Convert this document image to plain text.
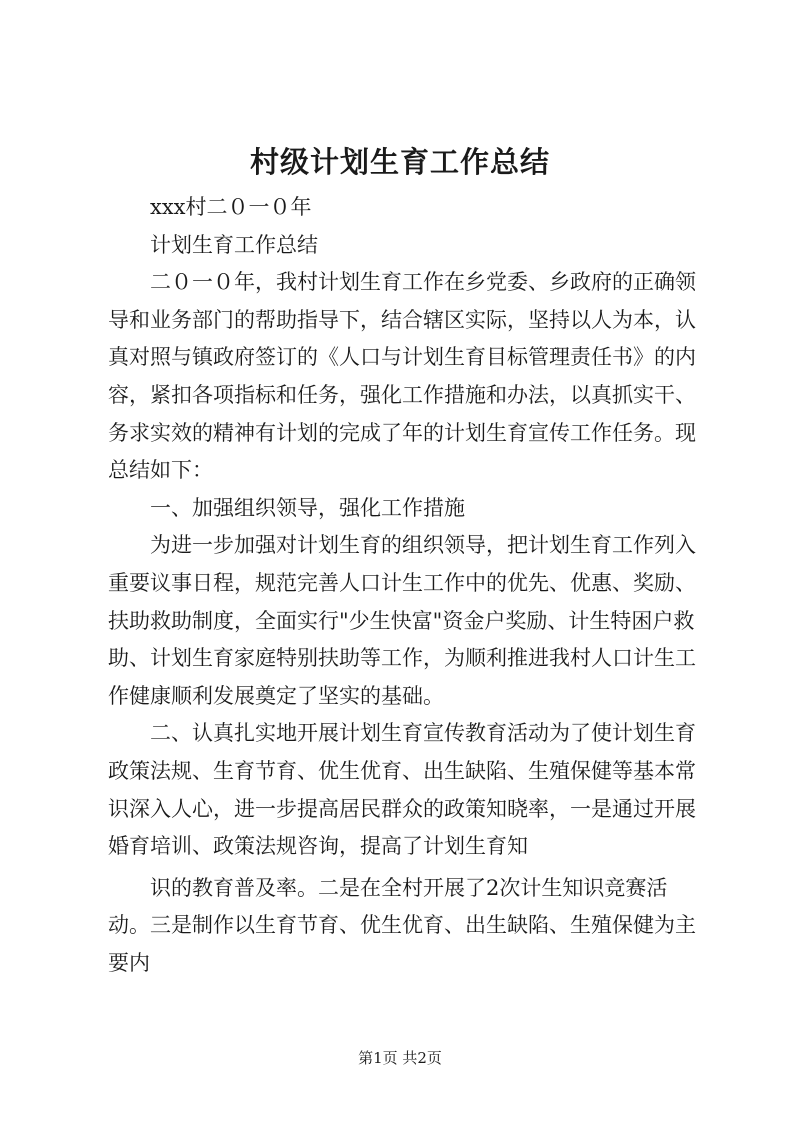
村级计划生育工作总结

xxx村二０一０年

计划生育工作总结

二０一０年，我村计划生育工作在乡党委、乡政府的正确领导和业务部门的帮助指导下，结合辖区实际，坚持以人为本，认真对照与镇政府签订的《人口与计划生育目标管理责任书》的内容，紧扣各项指标和任务，强化工作措施和办法，以真抓实干、务求实效的精神有计划的完成了年的计划生育宣传工作任务。现总结如下：

一、加强组织领导，强化工作措施

为进一步加强对计划生育的组织领导，把计划生育工作列入重要议事日程，规范完善人口计生工作中的优先、优惠、奖励、扶助救助制度，全面实行"少生快富"资金户奖励、计生特困户救助、计划生育家庭特别扶助等工作，为顺利推进我村人口计生工作健康顺利发展奠定了坚实的基础。

二、认真扎实地开展计划生育宣传教育活动为了使计划生育政策法规、生育节育、优生优育、出生缺陷、生殖保健等基本常识深入人心，进一步提高居民群众的政策知晓率，一是通过开展婚育培训、政策法规咨询，提高了计划生育知

识的教育普及率。二是在全村开展了2次计生知识竞赛活动。三是制作以生育节育、优生优育、出生缺陷、生殖保健为主要内

第1页 共2页
